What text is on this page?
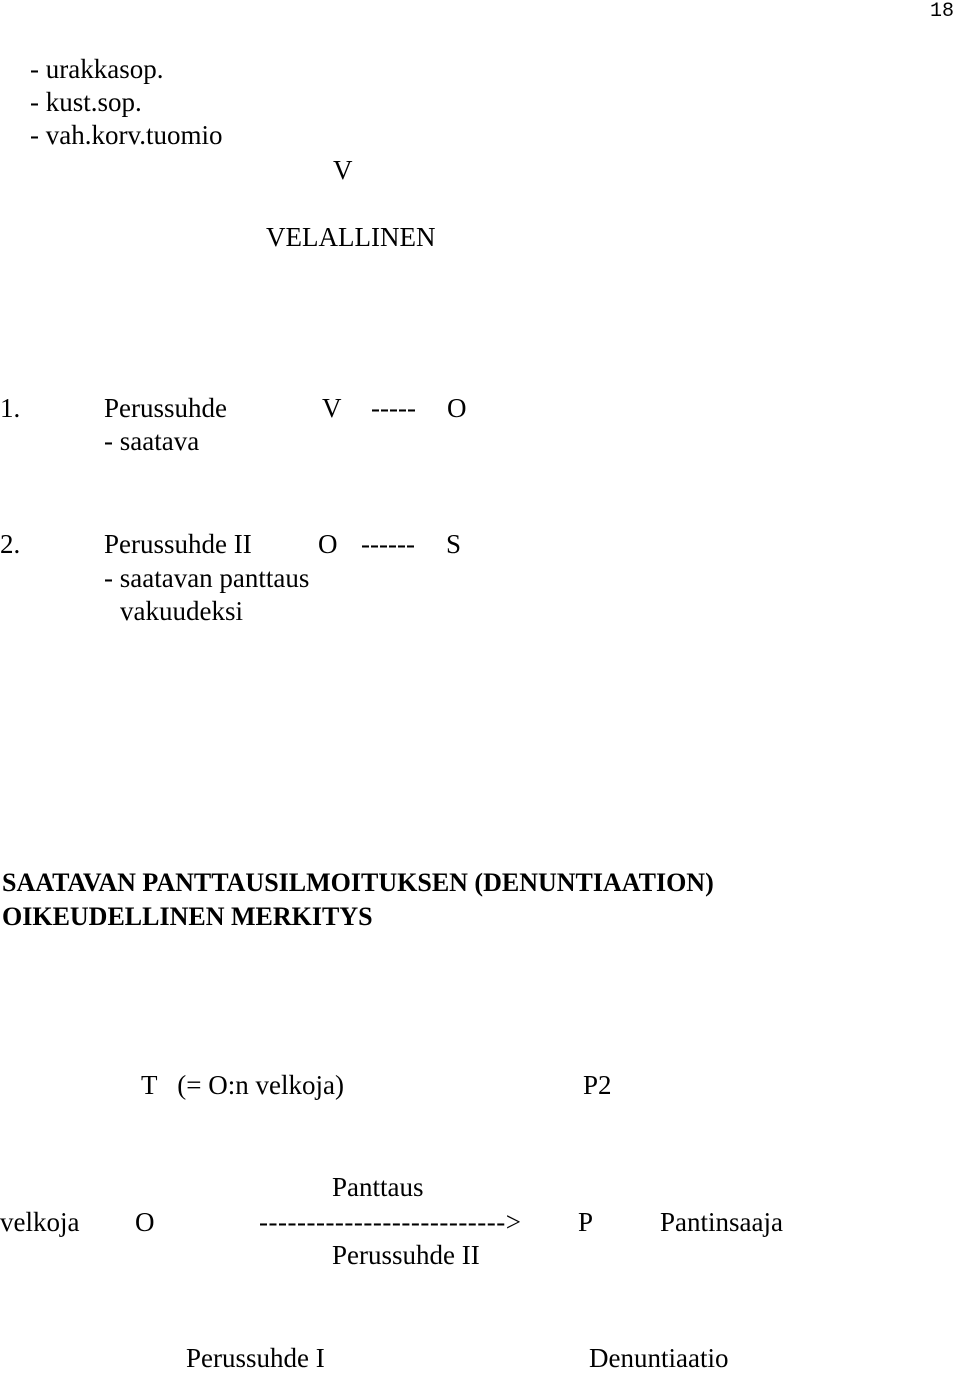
18
- urakkasop.
- kust.sop.
- vah.korv.tuomio
V
VELALLINEN
1.	Perussuhde	V ----- O
- saatava
2.	Perussuhde II O ------ S
- saatavan panttaus
vakuudeksi
SAATAVAN PANTTAUSILMOITUKSEN (DENUNTIAATION)
OIKEUDELLINEN MERKITYS
T   (= O:n velkoja)	P2
Panttaus
velkoja O	--------------------------> P Pantinsaaja
Perussuhde II
Perussuhde I	Denuntiaatio
